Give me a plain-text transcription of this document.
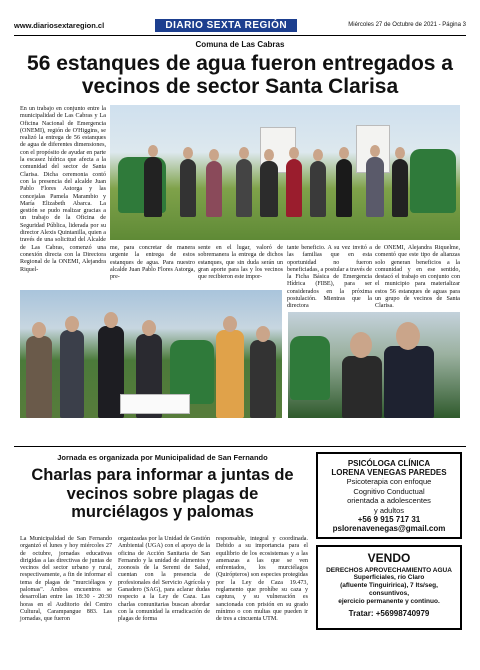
www.diariosextaregion.cl	DIARIO SEXTA REGIÓN	Miércoles 27 de Octubre de 2021 - Página 3
Comuna de Las Cabras
56 estanques de agua fueron entregados a vecinos de sector Santa Clarisa

En un trabajo en conjunto entre la municipalidad de Las Cabras y La Oficina Nacional de Emergencia (ONEMI), región de O'Higgins, se realizó la entrega de 56 estanques de agua de diferentes dimensiones, con el propósito de ayudar en parte la escasez hídrica que afecta a la comunidad del sector de Santa Clarisa. Dicha ceremonia contó con la presencia del alcalde Juan Pablo Flores Astorga y las concejalas Pamela Marambio y María Elizabeth Abarca. La gestión se pudo realizar gracias a un trabajo de la Oficina de Seguridad Pública, liderada por su director Alexis Quintanilla, quien a través de una solicitud del Alcalde de Las Cabras, comenzó una conexión directa con la Directora Regional de la ONEMI, Alejandra Riquel-

me, para concretar de manera urgente la entrega de estos estanques de agua. Para nuestro alcalde Juan Pablo Flores Astorga, pre-

sente en el lugar, valoró de sobremanera la entrega de dichos estanques, que sin duda serán un gran aporte para las y los vecinos que recibieron este impor-

tante beneficio. A su vez invitó a las familias que en esta oportunidad no fueron beneficiadas, a postular a través de la Ficha Básica de Emergencia Hídrica (FIBE), para ser considerados en la próxima postulación. Mientras que la directora

de ONEMI, Alejandra Riquelme, comentó que este tipo de alianzas solo generan beneficios a la comunidad y en ese sentido, destacó el trabajo en conjunto con el municipio para materializar estos 56 estanques de aguas para un grupo de vecinos de Santa Clarisa.

Jornada es organizada por Municipalidad de San Fernando
Charlas para informar a juntas de vecinos sobre plagas de murciélagos y palomas

La Municipalidad de San Fernando organizó el lunes y hoy miércoles 27 de octubre, jornadas educativas dirigidas a las directivas de juntas de vecinos del sector urbano y rural, respectivamente, a fin de informar el tema de plagas de "murciélagos y palomas". Ambos encuentros se desarrollan entre las 18:30 - 20:30 horas en el Auditorio del Centro Cultural, Carampangue 883. Las jornadas, que fueron

organizadas por la Unidad de Gestión Ambiental (UGA) con el apoyo de la oficina de Acción Sanitaria de San Fernando y la unidad de alimentos y zoonosis de la Seremi de Salud, cuentan con la presencia de profesionales del Servicio Agrícola y Ganadero (SAG), para aclarar dudas respecto a la Ley de Caza. Las charlas comunitarias buscan abordar con la comunidad la erradicación de plagas de forma

responsable, integral y coordinada. Debido a su importancia para el equilibrio de los ecosistemas y a las amenazas a las que se ven enfrentados, los murciélagos (Quirópteros) son especies protegidas por la Ley de Caza 19.473, reglamento que prohíbe su caza y captura, y su vulneración es sancionada con prisión en su grado mínimo o con multas que pueden ir de tres a cincuenta UTM.

PSICÓLOGA CLÍNICA
LORENA VENEGAS PAREDES
Psicoterapia con enfoque
Cognitivo Conductual
orientada a adolescentes
y adultos
+56 9 915 717 31
pslorenavenegas@gmail.com
VENDO
DERECHOS APROVECHAMIENTO AGUA
Superficiales, río Claro
(afluente Tinguiririca), 7 lts/seg,
consuntivos,
ejercicio permanente y continuo.
Tratar: +56998740979
